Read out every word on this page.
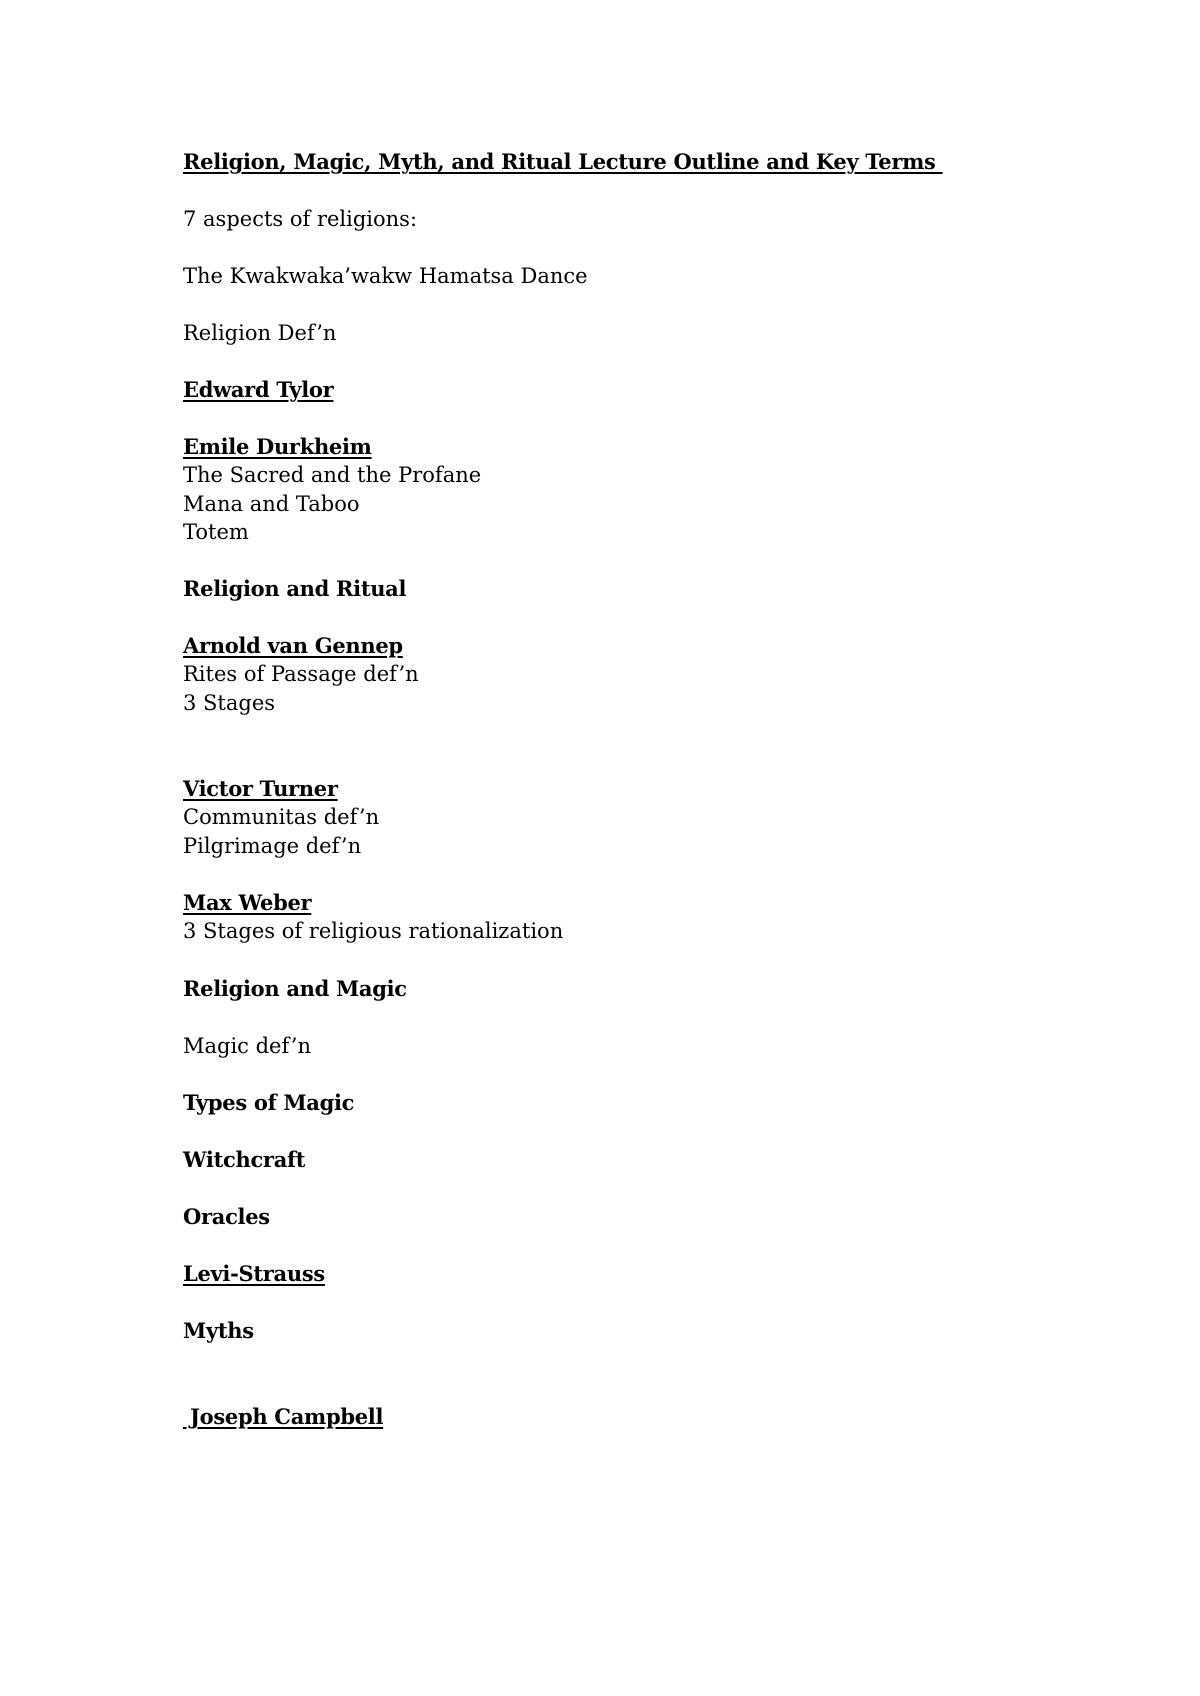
Religion, Magic, Myth, and Ritual Lecture Outline and Key Terms

7 aspects of religions:

The Kwakwaka’wakw Hamatsa Dance

Religion Def’n

Edward Tylor

Emile Durkheim

The Sacred and the Profane

Mana and Taboo

Totem

Religion and Ritual

Arnold van Gennep

Rites of Passage def’n

3 Stages

Victor Turner

Communitas def’n

Pilgrimage def’n

Max Weber

3 Stages of religious rationalization

Religion and Magic

Magic def’n

Types of Magic

Witchcraft

Oracles

Levi-Strauss

Myths

Joseph Campbell
